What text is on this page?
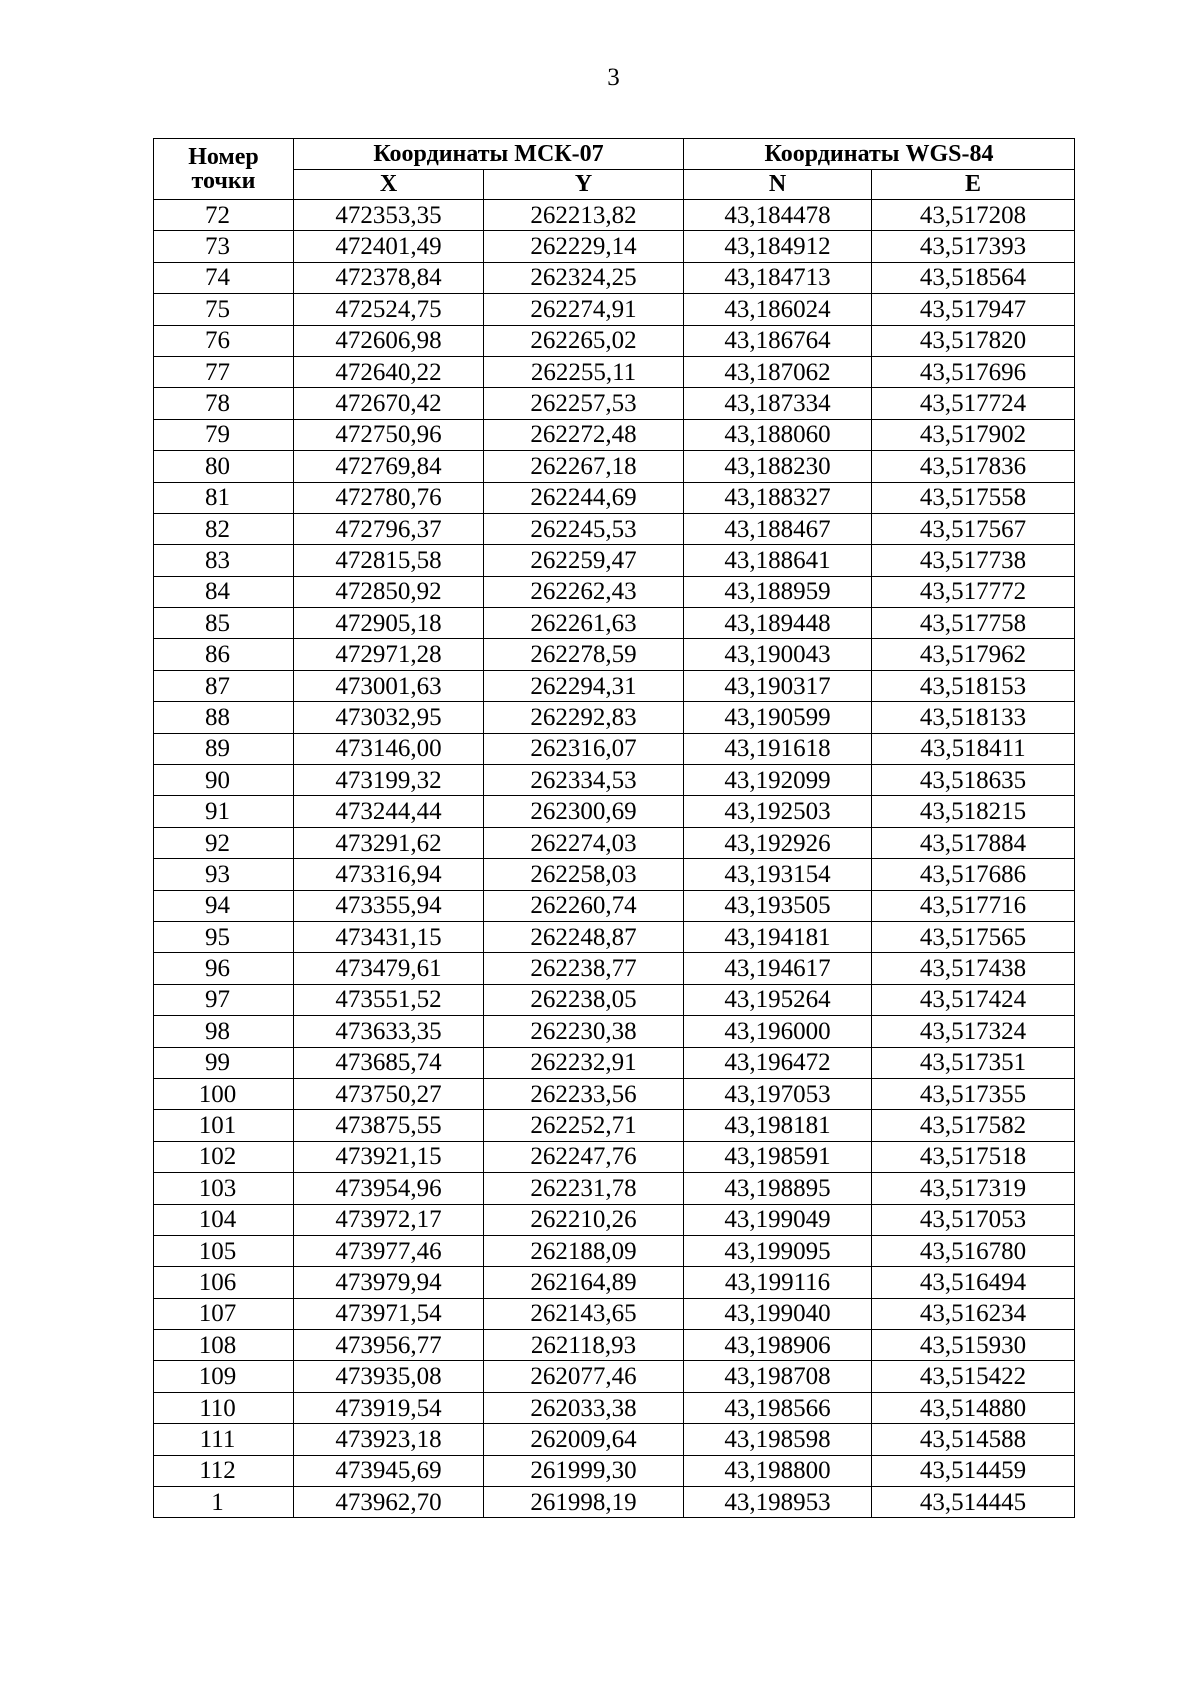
3
Номер
точки	Координаты МСК-07		Координаты WGS-84	
	X	Y	N	E
72	472353,35	262213,82	43,184478	43,517208
73	472401,49	262229,14	43,184912	43,517393
74	472378,84	262324,25	43,184713	43,518564
75	472524,75	262274,91	43,186024	43,517947
76	472606,98	262265,02	43,186764	43,517820
77	472640,22	262255,11	43,187062	43,517696
78	472670,42	262257,53	43,187334	43,517724
79	472750,96	262272,48	43,188060	43,517902
80	472769,84	262267,18	43,188230	43,517836
81	472780,76	262244,69	43,188327	43,517558
82	472796,37	262245,53	43,188467	43,517567
83	472815,58	262259,47	43,188641	43,517738
84	472850,92	262262,43	43,188959	43,517772
85	472905,18	262261,63	43,189448	43,517758
86	472971,28	262278,59	43,190043	43,517962
87	473001,63	262294,31	43,190317	43,518153
88	473032,95	262292,83	43,190599	43,518133
89	473146,00	262316,07	43,191618	43,518411
90	473199,32	262334,53	43,192099	43,518635
91	473244,44	262300,69	43,192503	43,518215
92	473291,62	262274,03	43,192926	43,517884
93	473316,94	262258,03	43,193154	43,517686
94	473355,94	262260,74	43,193505	43,517716
95	473431,15	262248,87	43,194181	43,517565
96	473479,61	262238,77	43,194617	43,517438
97	473551,52	262238,05	43,195264	43,517424
98	473633,35	262230,38	43,196000	43,517324
99	473685,74	262232,91	43,196472	43,517351
100	473750,27	262233,56	43,197053	43,517355
101	473875,55	262252,71	43,198181	43,517582
102	473921,15	262247,76	43,198591	43,517518
103	473954,96	262231,78	43,198895	43,517319
104	473972,17	262210,26	43,199049	43,517053
105	473977,46	262188,09	43,199095	43,516780
106	473979,94	262164,89	43,199116	43,516494
107	473971,54	262143,65	43,199040	43,516234
108	473956,77	262118,93	43,198906	43,515930
109	473935,08	262077,46	43,198708	43,515422
110	473919,54	262033,38	43,198566	43,514880
111	473923,18	262009,64	43,198598	43,514588
112	473945,69	261999,30	43,198800	43,514459
1	473962,70	261998,19	43,198953	43,514445
